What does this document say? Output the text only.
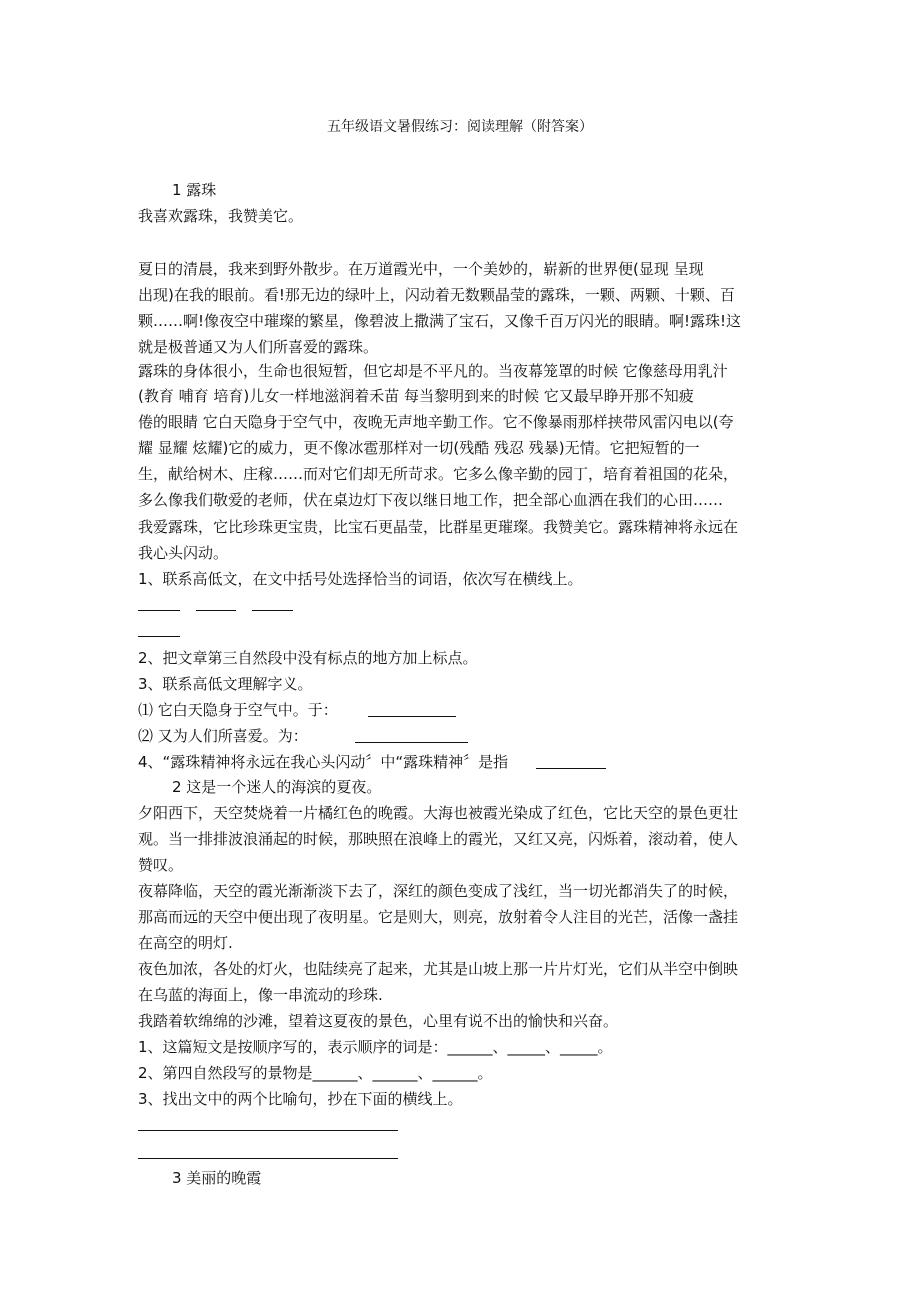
五年级语文暑假练习：阅读理解（附答案）
1 露珠
我喜欢露珠，我赞美它。
夏日的清晨，我来到野外散步。在万道霞光中，一个美妙的，崭新的世界便(显现 呈现
出现)在我的眼前。看!那无边的绿叶上，闪动着无数颗晶莹的露珠，一颗、两颗、十颗、百
颗……啊!像夜空中璀璨的繁星，像碧波上撒满了宝石，又像千百万闪光的眼睛。啊!露珠!这
就是极普通又为人们所喜爱的露珠。
露珠的身体很小，生命也很短暂，但它却是不平凡的。当夜幕笼罩的时候 它像慈母用乳汁
(教育 哺育 培育)儿女一样地滋润着禾苗 每当黎明到来的时候 它又最早睁开那不知疲
倦的眼睛 它白天隐身于空气中，夜晚无声地辛勤工作。它不像暴雨那样挟带风雷闪电以(夸
耀 显耀 炫耀)它的威力，更不像冰雹那样对一切(残酷 残忍 残暴)无情。它把短暂的一
生，献给树木、庄稼……而对它们却无所苛求。它多么像辛勤的园丁，培育着祖国的花朵，
多么像我们敬爱的老师，伏在桌边灯下夜以继日地工作，把全部心血洒在我们的心田……
我爱露珠，它比珍珠更宝贵，比宝石更晶莹，比群星更璀璨。我赞美它。露珠精神将永远在
我心头闪动。
1、联系高低文，在文中括号处选择恰当的词语，依次写在横线上。
2、把文章第三自然段中没有标点的地方加上标点。
3、联系高低文理解字义。
⑴ 它白天隐身于空气中。于：
⑵ 又为人们所喜爱。为：
4、“露珠精神将永远在我心头闪动〞中“露珠精神〞是指
2 这是一个迷人的海滨的夏夜。
夕阳西下，天空焚烧着一片橘红色的晚霞。大海也被霞光染成了红色，它比天空的景色更壮
观。当一排排波浪涌起的时候，那映照在浪峰上的霞光，又红又亮，闪烁着，滚动着，使人
赞叹。
夜幕降临，天空的霞光渐渐淡下去了，深红的颜色变成了浅红，当一切光都消失了的时候，
那高而远的天空中便出现了夜明星。它是则大，则亮，放射着令人注目的光芒，活像一盏挂
在高空的明灯.
夜色加浓，各处的灯火，也陆续亮了起来，尤其是山坡上那一片片灯光，它们从半空中倒映
在乌蓝的海面上，像一串流动的珍珠.
我踏着软绵绵的沙滩，望着这夏夜的景色，心里有说不出的愉快和兴奋。
1、这篇短文是按顺序写的，表示顺序的词是：______、_____、_____。
2、第四自然段写的景物是______、______、______。
3、找出文中的两个比喻句，抄在下面的横线上。
3 美丽的晚霞
